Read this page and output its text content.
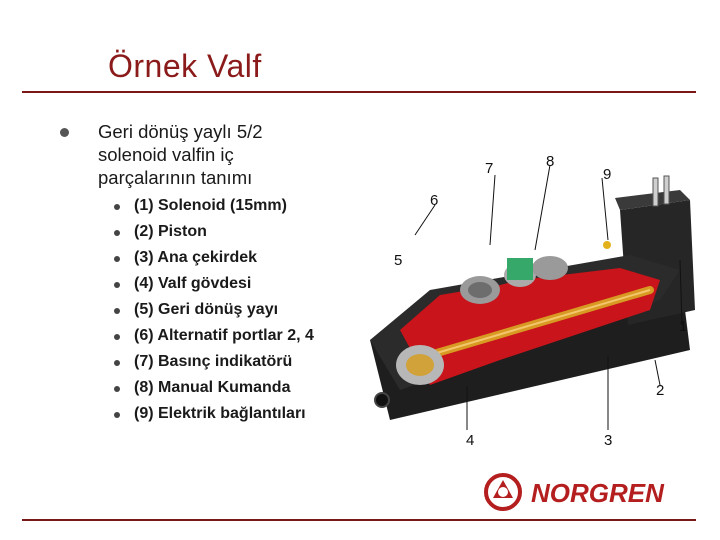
Örnek Valf
Geri dönüş yaylı 5/2 solenoid valfin iç parçalarının tanımı
(1) Solenoid (15mm)
(2) Piston
(3) Ana çekirdek
(4) Valf gövdesi
(5) Geri dönüş yayı
(6) Alternatif portlar 2, 4
(7) Basınç indikatörü
(8) Manual Kumanda
(9) Elektrik bağlantıları
1
2
3
4
5
6
7	8
9
NORGREN
